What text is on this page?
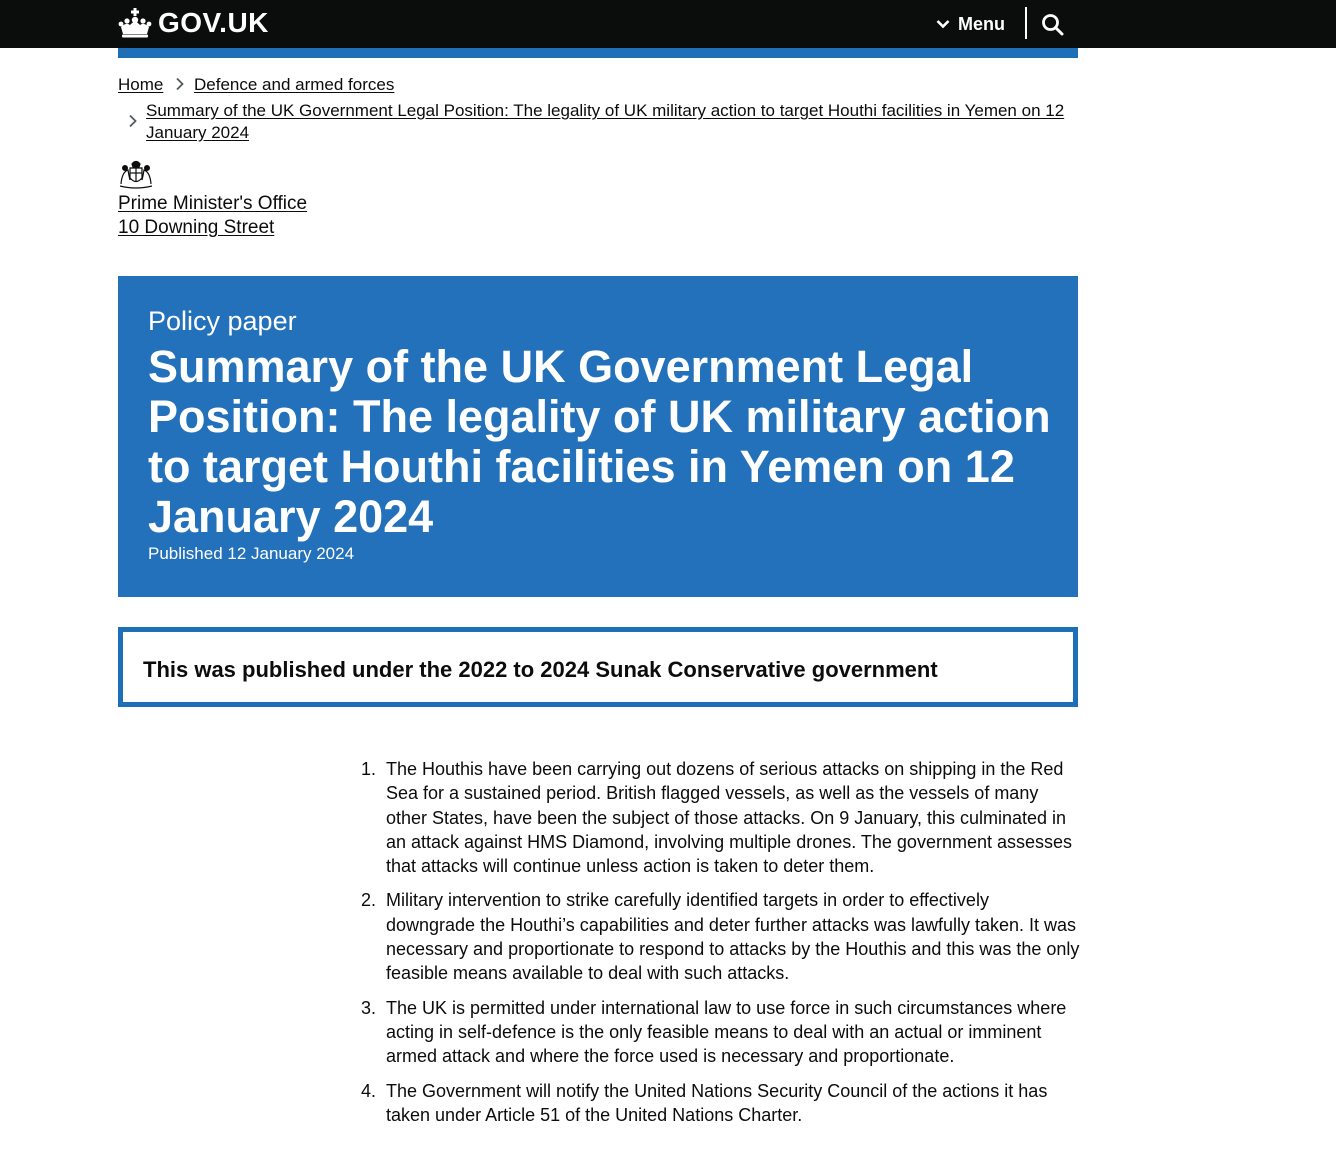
GOV.UK	Menu
Home Defence and armed forces
Summary of the UK Government Legal Position: The legality of UK military action to target Houthi facilities in Yemen on 12 January 2024
Prime Minister's Office
10 Downing Street
Policy paper
Summary of the UK Government Legal Position: The legality of UK military action to target Houthi facilities in Yemen on 12 January 2024
Published 12 January 2024
This was published under the 2022 to 2024 Sunak Conservative government
1. The Houthis have been carrying out dozens of serious attacks on shipping in the Red Sea for a sustained period. British flagged vessels, as well as the vessels of many other States, have been the subject of those attacks. On 9 January, this culminated in an attack against HMS Diamond, involving multiple drones. The government assesses that attacks will continue unless action is taken to deter them.
2. Military intervention to strike carefully identified targets in order to effectively downgrade the Houthi’s capabilities and deter further attacks was lawfully taken. It was necessary and proportionate to respond to attacks by the Houthis and this was the only feasible means available to deal with such attacks.
3. The UK is permitted under international law to use force in such circumstances where acting in self-defence is the only feasible means to deal with an actual or imminent armed attack and where the force used is necessary and proportionate.
4. The Government will notify the United Nations Security Council of the actions it has taken under Article 51 of the United Nations Charter.
